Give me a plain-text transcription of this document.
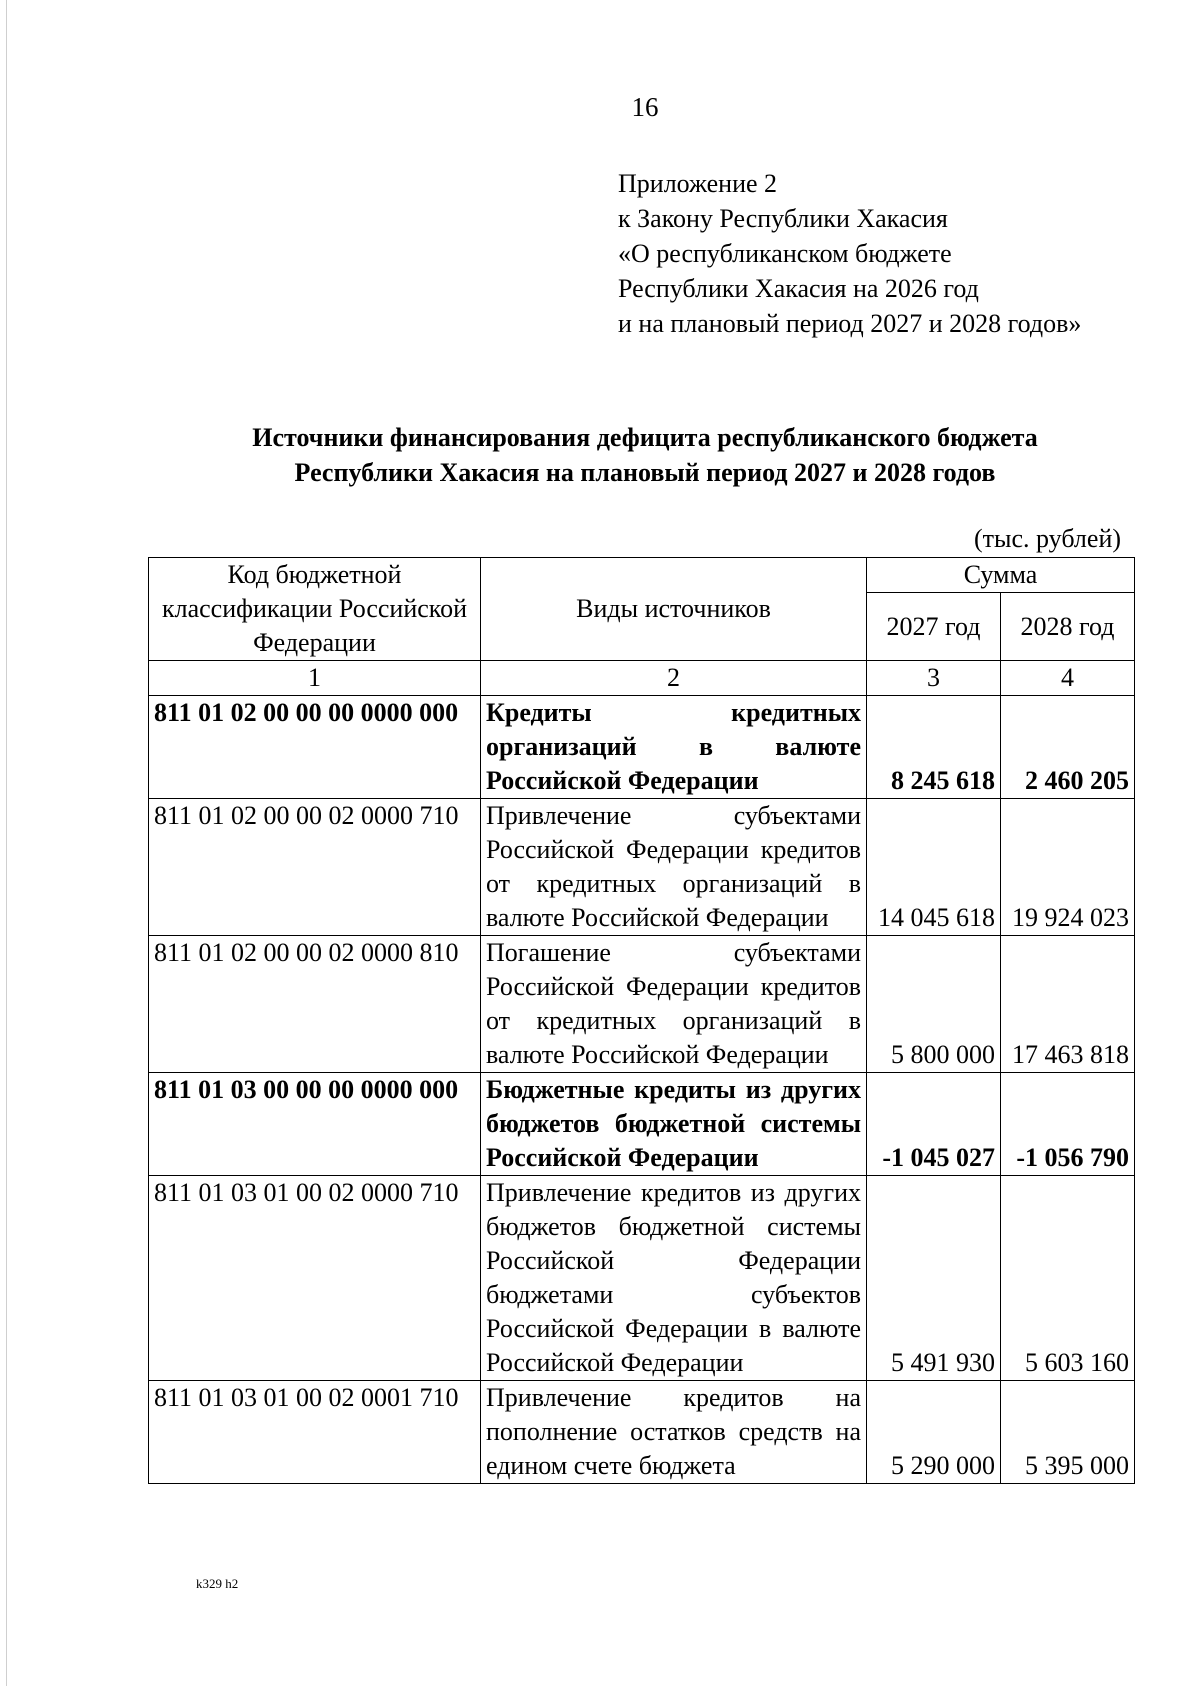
16
Приложение 2
к Закону Республики Хакасия
«О республиканском бюджете
Республики Хакасия на 2026 год
и на плановый период 2027 и 2028 годов»
Источники финансирования дефицита республиканского бюджета
Республики Хакасия на плановый период 2027 и 2028 годов
(тыс. рублей)
Код бюджетной классификации Российской Федерации	Виды источников	Сумма	
		2027 год	2028 год
1	2	3	4
811 01 02 00 00 00 0000 000	Кредиты кредитных организаций в валюте Российской Федерации	8 245 618	2 460 205
811 01 02 00 00 02 0000 710	Привлечение субъектами Российской Федерации кредитов от кредитных организаций в валюте Российской Федерации	14 045 618	19 924 023
811 01 02 00 00 02 0000 810	Погашение субъектами Российской Федерации кредитов от кредитных организаций в валюте Российской Федерации	5 800 000	17 463 818
811 01 03 00 00 00 0000 000	Бюджетные кредиты из других бюджетов бюджетной системы Российской Федерации	-1 045 027	-1 056 790
811 01 03 01 00 02 0000 710	Привлечение кредитов из других бюджетов бюджетной системы Российской Федерации бюджетами субъектов Российской Федерации в валюте Российской Федерации	5 491 930	5 603 160
811 01 03 01 00 02 0001 710	Привлечение кредитов на пополнение остатков средств на едином счете бюджета	5 290 000	5 395 000
k329 h2
